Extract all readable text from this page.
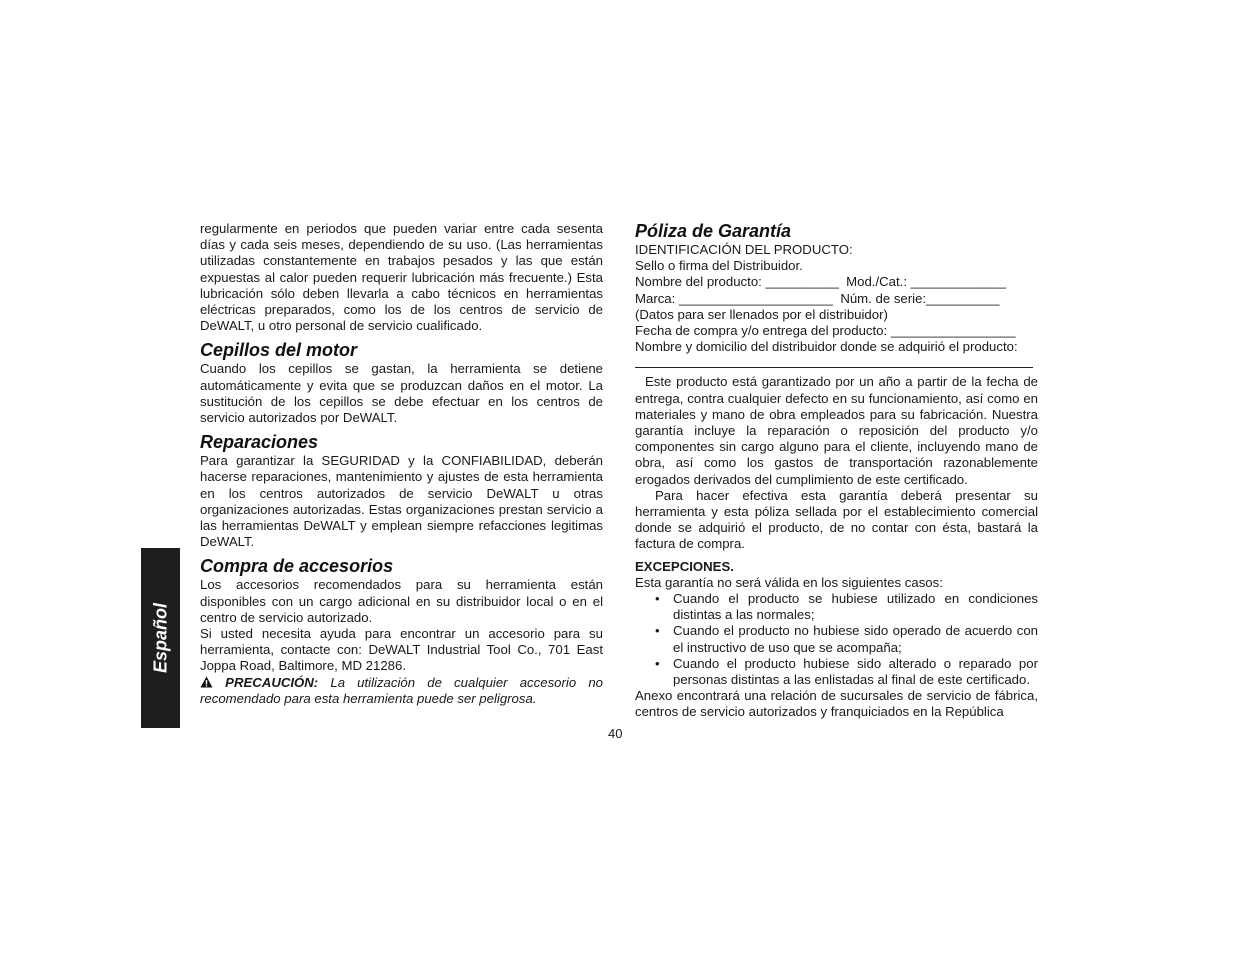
regularmente en periodos que pueden variar entre cada sesenta días y cada seis meses, dependiendo de su uso. (Las herramientas utilizadas constantemente en trabajos pesados y las que están expuestas al calor pueden requerir lubricación más frecuente.) Esta lubricación sólo deben llevarla a cabo técnicos en herramientas eléctricas preparados, como los de los centros de servicio de DeWALT, u otro personal de servicio cualificado.

Cepillos del motor

Cuando los cepillos se gastan, la herramienta se detiene automáticamente y evita que se produzcan daños en el motor. La sustitución de los cepillos se debe efectuar en los centros de servicio autorizados por DeWALT.

Reparaciones

Para garantizar la SEGURIDAD y la CONFIABILIDAD, deberán hacerse reparaciones, mantenimiento y ajustes de esta herramienta en los centros autorizados de servicio DeWALT u otras organizaciones autorizadas. Estas organizaciones prestan servicio a las herramientas DeWALT y emplean siempre refacciones legitimas DeWALT.

Compra de accesorios

Los accesorios recomendados para su herramienta están disponibles con un cargo adicional en su distribuidor local o en el centro de servicio autorizado.

Si usted necesita ayuda para encontrar un accesorio para su herramienta, contacte con: DeWALT Industrial Tool Co., 701 East Joppa Road, Baltimore, MD 21286.

PRECAUCIÓN: La utilización de cualquier accesorio no recomendado para esta herramienta puede ser peligrosa.

Póliza de Garantía

IDENTIFICACIÓN DEL PRODUCTO:

Sello o firma del Distribuidor.

Nombre del producto: __________  Mod./Cat.: _____________

Marca: _____________________  Núm. de serie:__________

(Datos para ser llenados por el distribuidor)

Fecha de compra y/o entrega del producto: _________________

Nombre y domicilio del distribuidor donde se adquirió el producto:

Este producto está garantizado por un año a partir de la fecha de entrega, contra cualquier defecto en su funcionamiento, así como en materiales y mano de obra empleados para su fabricación. Nuestra garantía incluye la reparación o reposición del producto y/o componentes sin cargo alguno para el cliente, incluyendo mano de obra, así como los gastos de transportación razonablemente erogados derivados del cumplimiento de este certificado.

Para hacer efectiva esta garantía deberá presentar su herramienta y esta póliza sellada por el establecimiento comercial donde se adquirió el producto, de no contar con ésta, bastará la factura de compra.

EXCEPCIONES.

Esta garantía no será válida en los siguientes casos:

• Cuando el producto se hubiese utilizado en condiciones distintas a las normales;
• Cuando el producto no hubiese sido operado de acuerdo con el instructivo de uso que se acompaña;
• Cuando el producto hubiese sido alterado o reparado por personas distintas a las enlistadas al final de este certificado.

Anexo encontrará una relación de sucursales de servicio de fábrica, centros de servicio autorizados y franquiciados en la República

Español
40
